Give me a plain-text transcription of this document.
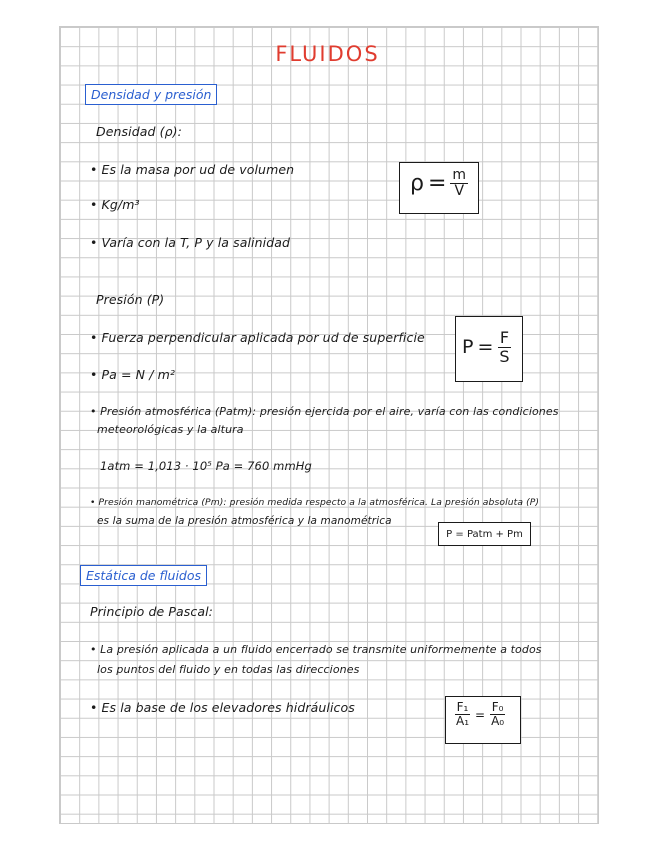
FLUIDOS
Densidad y presión
Densidad (ρ):
• Es la masa por ud de volumen
• Kg/m³
• Varía con la T, P y la salinidad
$\rho = \frac{m}{V}$
Presión (P)
• Fuerza perpendicular aplicada por ud de superficie
• Pa = N / m²
$P = \frac{F}{S}$
• Presión atmosférica (Patm): presión ejercida por el aire, varía con las condiciones
meteorológicas y la altura
1atm = 1,013 · 10⁵ Pa = 760 mmHg
• Presión manométrica (Pm): presión medida respecto a la atmosférica. La presión absoluta (P)
es la suma de la presión atmosférica y la manométrica
P = Patm + Pm
Estática de fluidos
Principio de Pascal:
• La presión aplicada a un fluido encerrado se transmite uniformemente a todos
los puntos del fluido y en todas las direcciones
• Es la base de los elevadores hidráulicos	$\frac{\text{F₁}}{\text{A₁}} = \frac{\text{F₀}}{\text{A₀}}$
